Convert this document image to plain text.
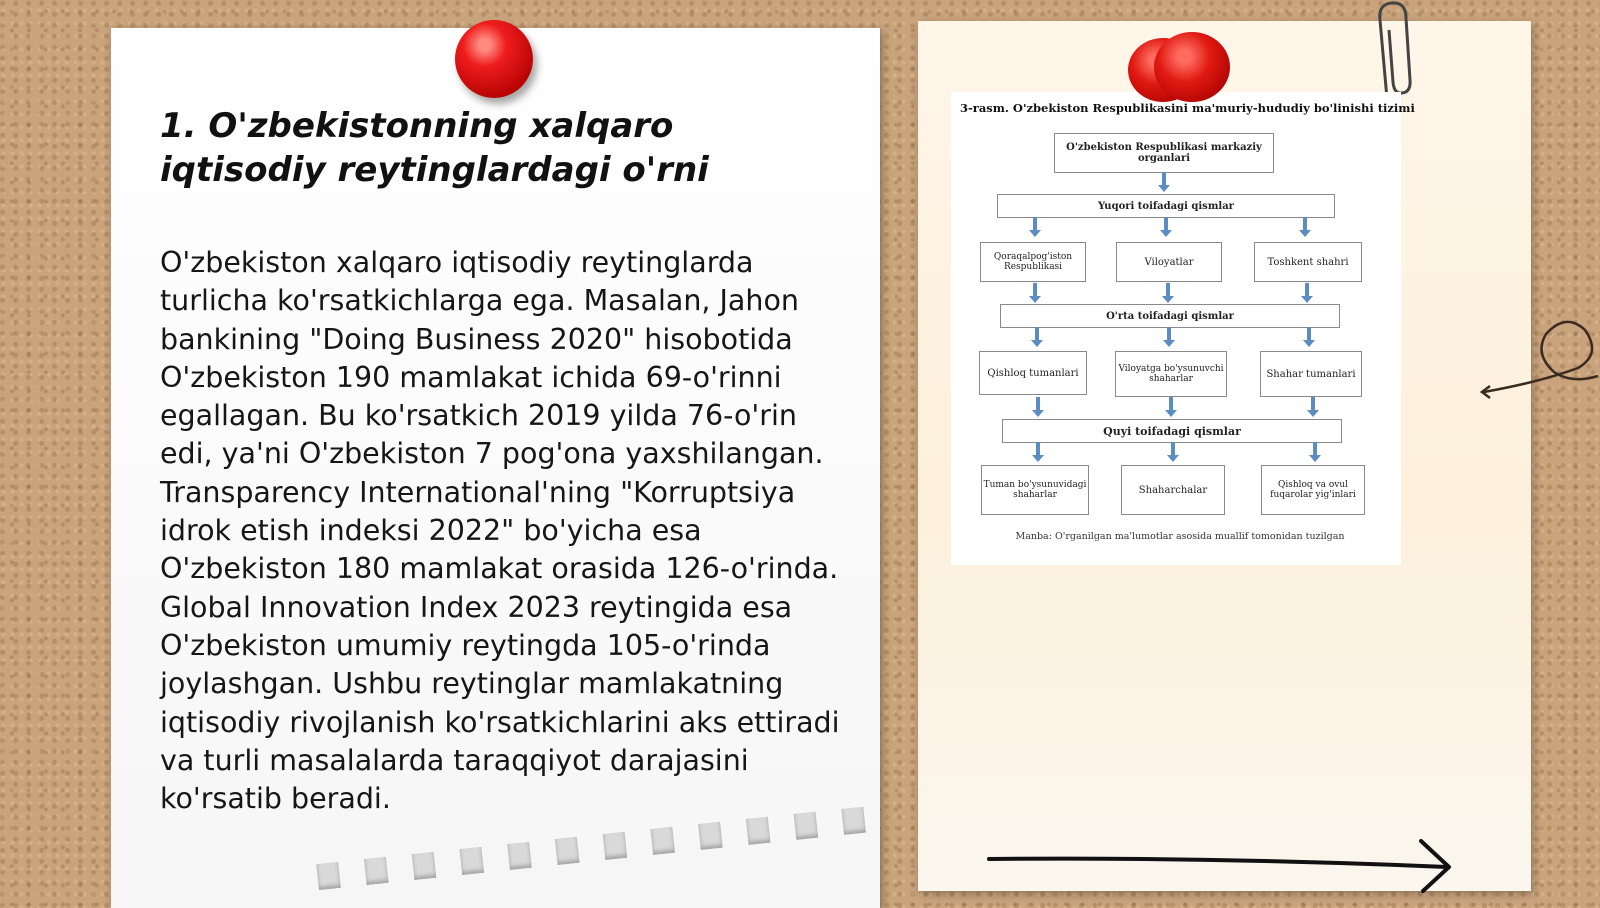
1. O'zbekistonning xalqaro iqtisodiy reytinglardagi o'rni

O'zbekiston xalqaro iqtisodiy reytinglarda turlicha ko'rsatkichlarga ega. Masalan, Jahon bankining "Doing Business 2020" hisobotida O'zbekiston 190 mamlakat ichida 69-o'rinni egallagan. Bu ko'rsatkich 2019 yilda 76-o'rin edi, ya'ni O'zbekiston 7 pog'ona yaxshilangan. Transparency International'ning "Korruptsiya idrok etish indeksi 2022" bo'yicha esa O'zbekiston 180 mamlakat orasida 126-o'rinda. Global Innovation Index 2023 reytingida esa O'zbekiston umumiy reytingda 105-o'rinda joylashgan. Ushbu reytinglar mamlakatning iqtisodiy rivojlanish ko'rsatkichlarini aks ettiradi va turli masalalarda taraqqiyot darajasini ko'rsatib beradi.

3-rasm. O'zbekiston Respublikasini ma'muriy-hududiy bo'linishi tizimi
O'zbekiston Respublikasi markaziy organlari
Yuqori toifadagi qismlar
Qoraqalpog'iston Respublikasi	Viloyatlar	Toshkent shahri
O'rta toifadagi qismlar
Qishloq tumanlari	Viloyatga bo'ysunuvchi shaharlar	Shahar tumanlari
Quyi toifadagi qismlar
Tuman bo'ysunuvidagi shaharlar	Shaharchalar	Qishloq va ovul fuqarolar yig'inlari
Manba: O'rganilgan ma'lumotlar asosida muallif tomonidan tuzilgan
